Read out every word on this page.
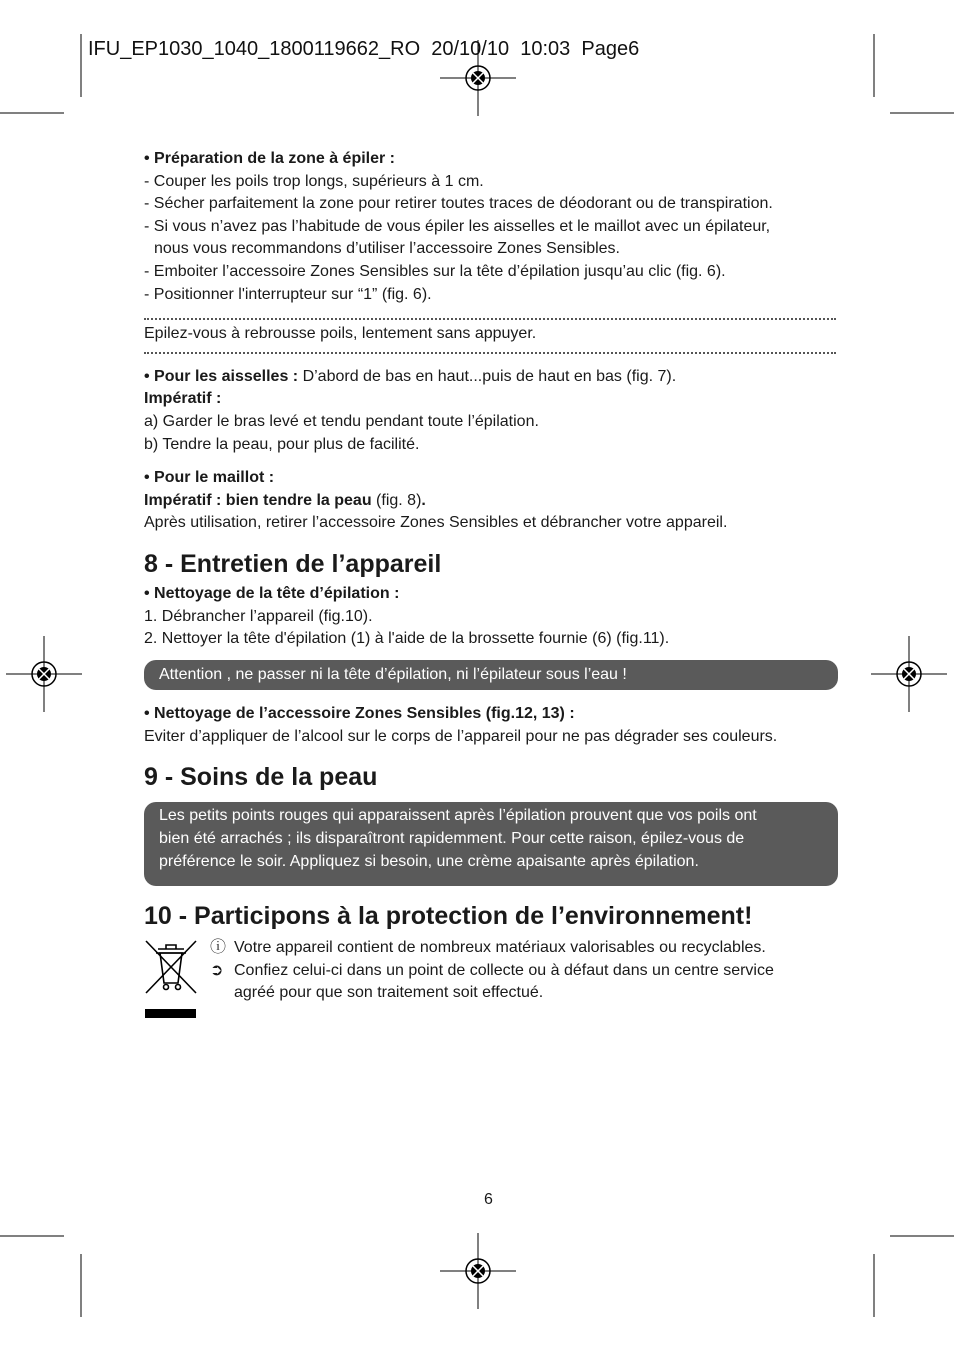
IFU_EP1030_1040_1800119662_RO  20/10/10  10:03  Page6
• Préparation de la zone à épiler :
- Couper les poils trop longs, supérieurs à 1 cm.
- Sécher parfaitement la zone pour retirer toutes traces de déodorant ou de transpiration.
- Si vous n’avez pas l’habitude de vous épiler les aisselles et le maillot avec un épilateur,
nous vous recommandons d’utiliser l’accessoire Zones Sensibles.
- Emboiter l’accessoire Zones Sensibles sur la tête d’épilation jusqu’au clic (fig. 6).
- Positionner l'interrupteur sur “1” (fig. 6).
Epilez-vous à rebrousse poils, lentement sans appuyer.
• Pour les aisselles : D’abord de bas en haut...puis de haut en bas (fig. 7).
Impératif :
a) Garder le bras levé et tendu pendant toute l’épilation.
b) Tendre la peau, pour plus de facilité.
• Pour le maillot :
Impératif : bien tendre la peau (fig. 8).
Après utilisation, retirer l’accessoire Zones Sensibles et débrancher votre appareil.
8 - Entretien de l’appareil
• Nettoyage de la tête d’épilation :
1. Débrancher l’appareil (fig.10).
2. Nettoyer la tête d'épilation (1) à l'aide de la brossette fournie (6) (fig.11).
Attention , ne passer ni la tête d’épilation, ni l’épilateur sous l’eau !
• Nettoyage de l’accessoire Zones Sensibles (fig.12, 13) :
Eviter d’appliquer de l’alcool sur le corps de l’appareil pour ne pas dégrader ses couleurs.
9 - Soins de la peau
Les petits points rouges qui apparaissent après l’épilation prouvent que vos poils ont
bien été arrachés ; ils disparaîtront rapidemment. Pour cette raison, épilez-vous de
préférence le soir. Appliquez si besoin, une crème apaisante après épilation.
10 - Participons à la protection de l’environnement!
ⓘ Votre appareil contient de nombreux matériaux valorisables ou recyclables.
➲ Confiez celui-ci dans un point de collecte ou à défaut dans un centre service
agréé pour que son traitement soit effectué.
6
